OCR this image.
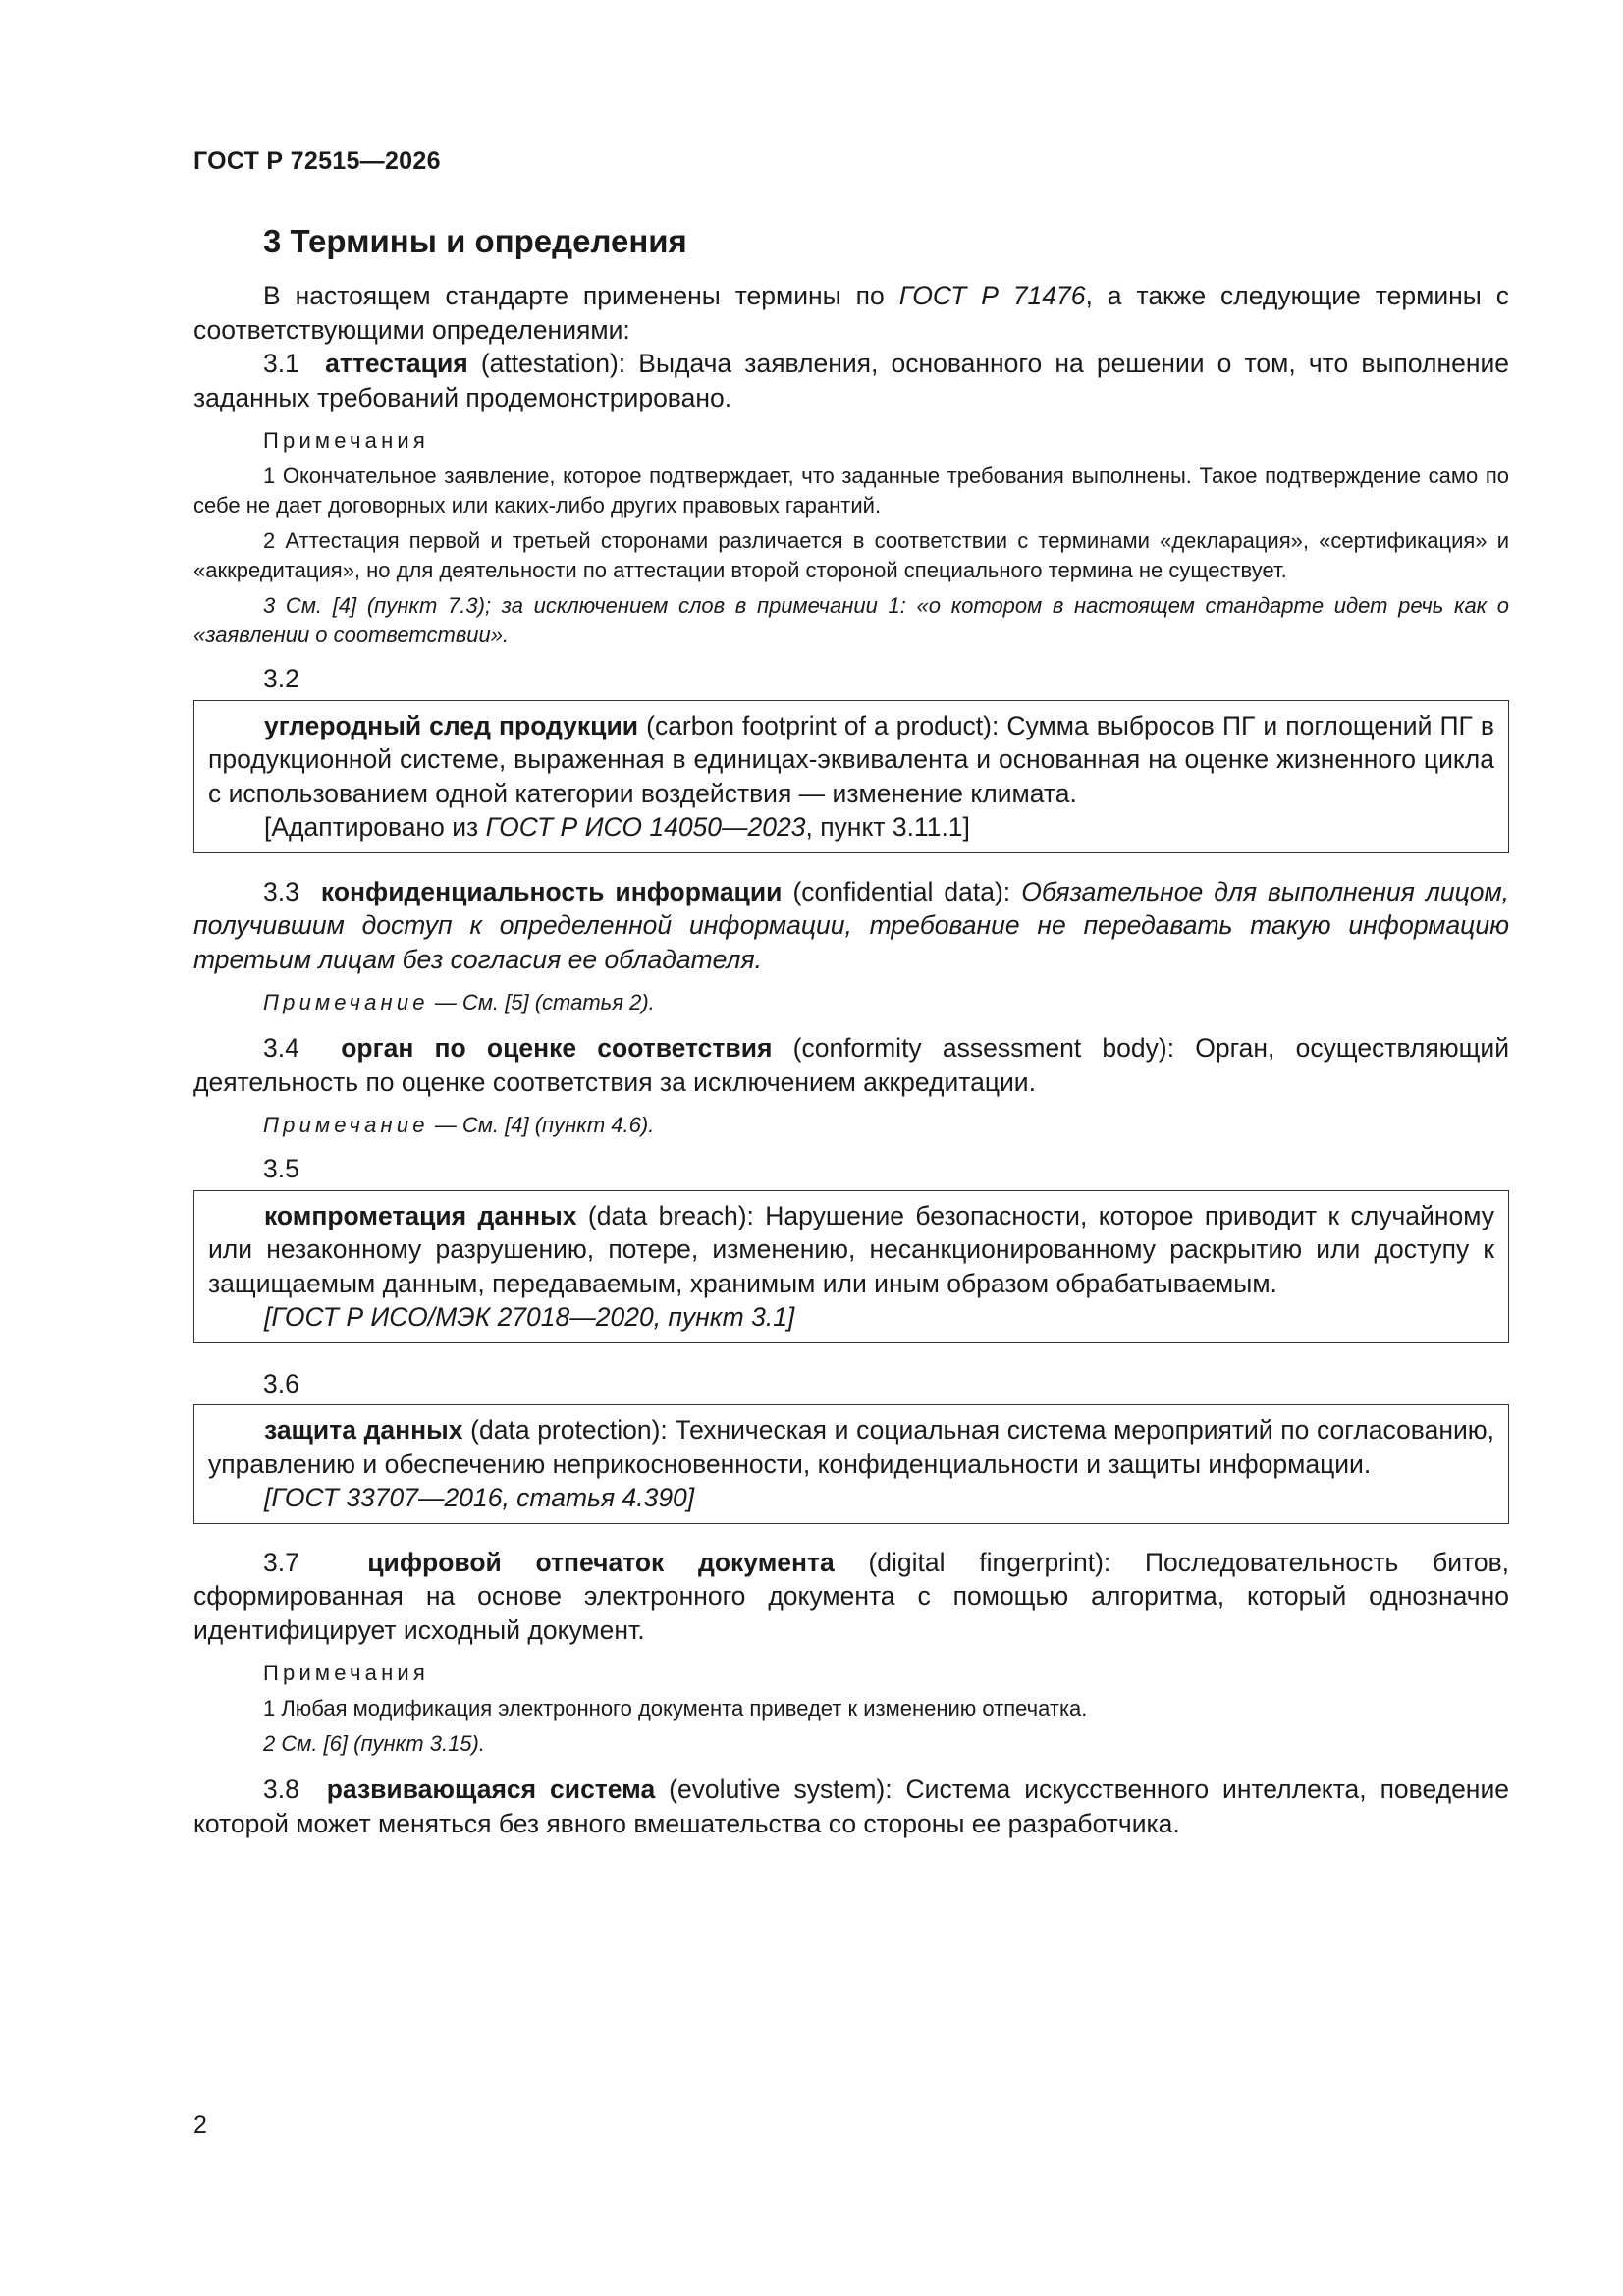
ГОСТ Р 72515—2026
3 Термины и определения

В настоящем стандарте применены термины по ГОСТ Р 71476, а также следующие термины с соответствующими определениями:

3.1 аттестация (attestation): Выдача заявления, основанного на решении о том, что выполнение заданных требований продемонстрировано.

Примечания

1 Окончательное заявление, которое подтверждает, что заданные требования выполнены. Такое подтверждение само по себе не дает договорных или каких-либо других правовых гарантий.

2 Аттестация первой и третьей сторонами различается в соответствии с терминами «декларация», «сертификация» и «аккредитация», но для деятельности по аттестации второй стороной специального термина не существует.

3 См. [4] (пункт 7.3); за исключением слов в примечании 1: «о котором в настоящем стандарте идет речь как о «заявлении о соответствии».

3.2

углеродный след продукции (carbon footprint of a product): Сумма выбросов ПГ и поглощений ПГ в продукционной системе, выраженная в единицах-эквивалента и основанная на оценке жизненного цикла с использованием одной категории воздействия — изменение климата.

[Адаптировано из ГОСТ Р ИСО 14050—2023, пункт 3.11.1]

3.3 конфиденциальность информации (confidential data): Обязательное для выполнения лицом, получившим доступ к определенной информации, требование не передавать такую информацию третьим лицам без согласия ее обладателя.

Примечание — См. [5] (статья 2).

3.4 орган по оценке соответствия (conformity assessment body): Орган, осуществляющий деятельность по оценке соответствия за исключением аккредитации.

Примечание — См. [4] (пункт 4.6).

3.5

компрометация данных (data breach): Нарушение безопасности, которое приводит к случайному или незаконному разрушению, потере, изменению, несанкционированному раскрытию или доступу к защищаемым данным, передаваемым, хранимым или иным образом обрабатываемым.

[ГОСТ Р ИСО/МЭК 27018—2020, пункт 3.1]

3.6

защита данных (data protection): Техническая и социальная система мероприятий по согласованию, управлению и обеспечению неприкосновенности, конфиденциальности и защиты информации.

[ГОСТ 33707—2016, статья 4.390]

3.7	цифровой отпечаток документа (digital fingerprint): Последовательность битов, сформированная на основе электронного документа с помощью алгоритма, который однозначно идентифицирует исходный документ.

Примечания

1 Любая модификация электронного документа приведет к изменению отпечатка.

2 См. [6] (пункт 3.15).

3.8 развивающаяся система (evolutive system): Система искусственного интеллекта, поведение которой может меняться без явного вмешательства со стороны ее разработчика.

2
